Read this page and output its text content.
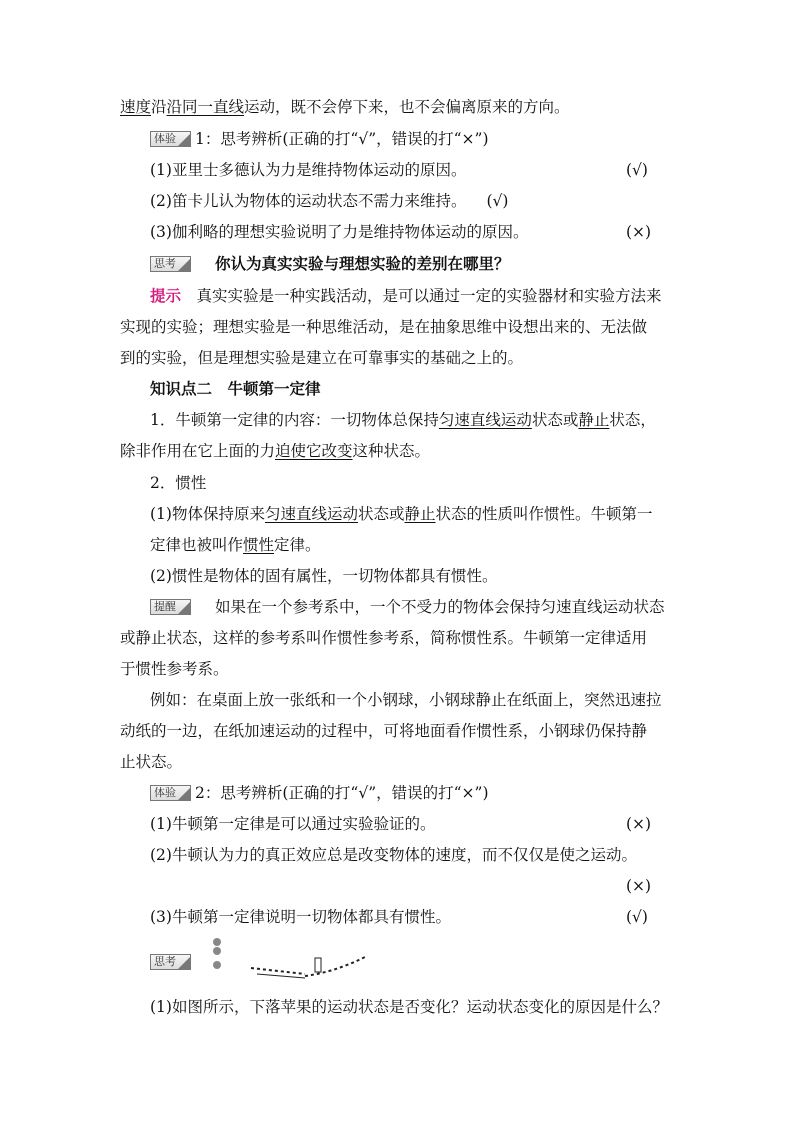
速度沿沿同一直线运动，既不会停下来，也不会偏离原来的方向。
体验 1：思考辨析(正确的打“√”，错误的打“×”)
(1)亚里士多德认为力是维持物体运动的原因。	(√)
(2)笛卡儿认为物体的运动状态不需力来维持。 (√)
(3)伽利略的理想实验说明了力是维持物体运动的原因。	(×)
思考	你认为真实实验与理想实验的差别在哪里？
提示　 真实实验是一种实践活动，是可以通过一定的实验器材和实验方法来
实现的实验；理想实验是一种思维活动，是在抽象思维中设想出来的、无法做
到的实验，但是理想实验是建立在可靠事实的基础之上的。
知识点二　牛顿第一定律
1．牛顿第一定律的内容：一切物体总保持匀速直线运动状态或静止状态，
除非作用在它上面的力迫使它改变这种状态。
2．惯性
(1)物体保持原来匀速直线运动状态或静止状态的性质叫作惯性。牛顿第一
定律也被叫作惯性定律。
(2)惯性是物体的固有属性，一切物体都具有惯性。
提醒	如果在一个参考系中，一个不受力的物体会保持匀速直线运动状态
或静止状态，这样的参考系叫作惯性参考系，简称惯性系。牛顿第一定律适用
于惯性参考系。
例如：在桌面上放一张纸和一个小钢球，小钢球静止在纸面上，突然迅速拉
动纸的一边，在纸加速运动的过程中，可将地面看作惯性系，小钢球仍保持静
止状态。
体验 2：思考辨析(正确的打“√”，错误的打“×”)
(1)牛顿第一定律是可以通过实验验证的。	(×)
(2)牛顿认为力的真正效应总是改变物体的速度，而不仅仅是使之运动。
(×)
(3)牛顿第一定律说明一切物体都具有惯性。	(√)
思考
(1)如图所示，下落苹果的运动状态是否变化？运动状态变化的原因是什么？
